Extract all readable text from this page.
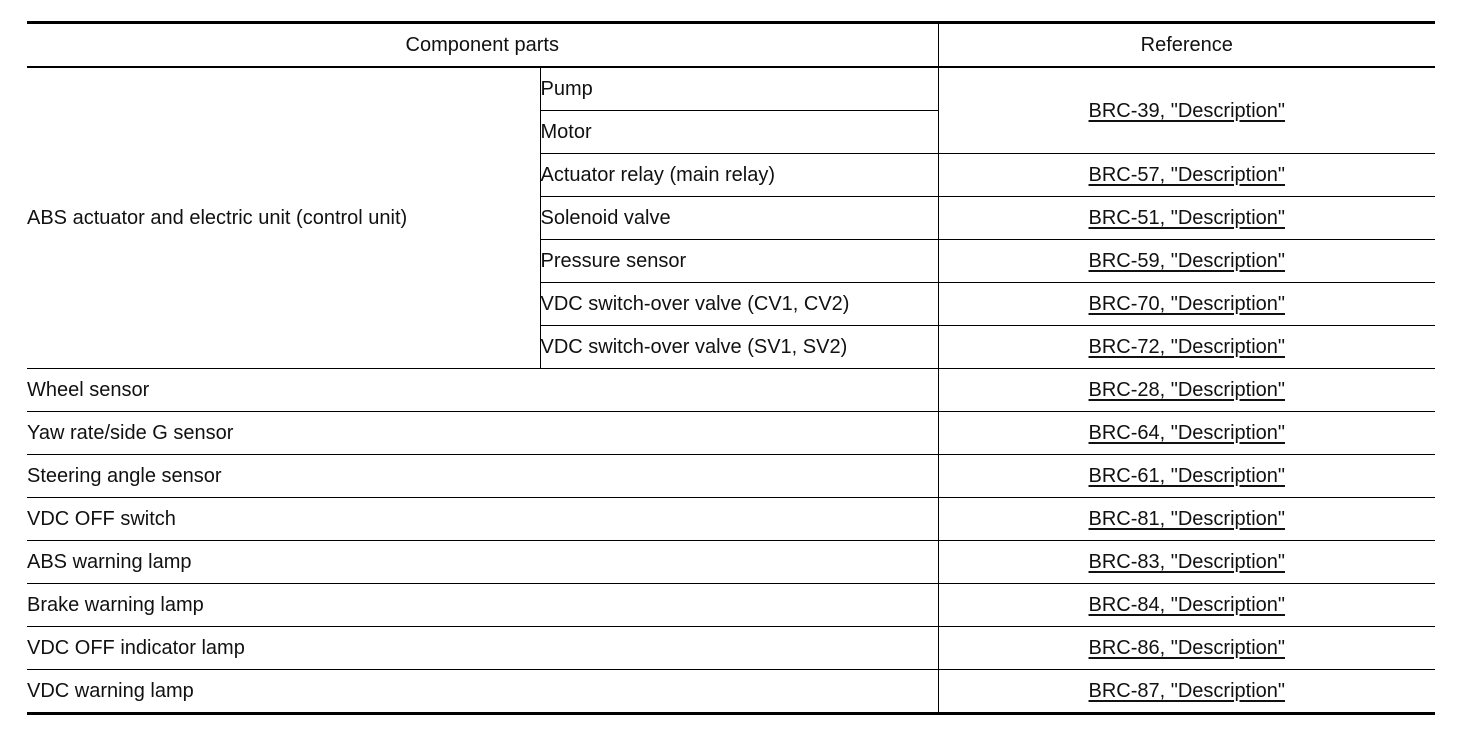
Component parts		Reference
ABS actuator and electric unit (control unit)	Pump	BRC-39, "Description"
	Motor	
	Actuator relay (main relay)	BRC-57, "Description"
	Solenoid valve	BRC-51, "Description"
	Pressure sensor	BRC-59, "Description"
	VDC switch-over valve (CV1, CV2)	BRC-70, "Description"
	VDC switch-over valve (SV1, SV2)	BRC-72, "Description"
Wheel sensor		BRC-28, "Description"
Yaw rate/side G sensor		BRC-64, "Description"
Steering angle sensor		BRC-61, "Description"
VDC OFF switch		BRC-81, "Description"
ABS warning lamp		BRC-83, "Description"
Brake warning lamp		BRC-84, "Description"
VDC OFF indicator lamp		BRC-86, "Description"
VDC warning lamp		BRC-87, "Description"
